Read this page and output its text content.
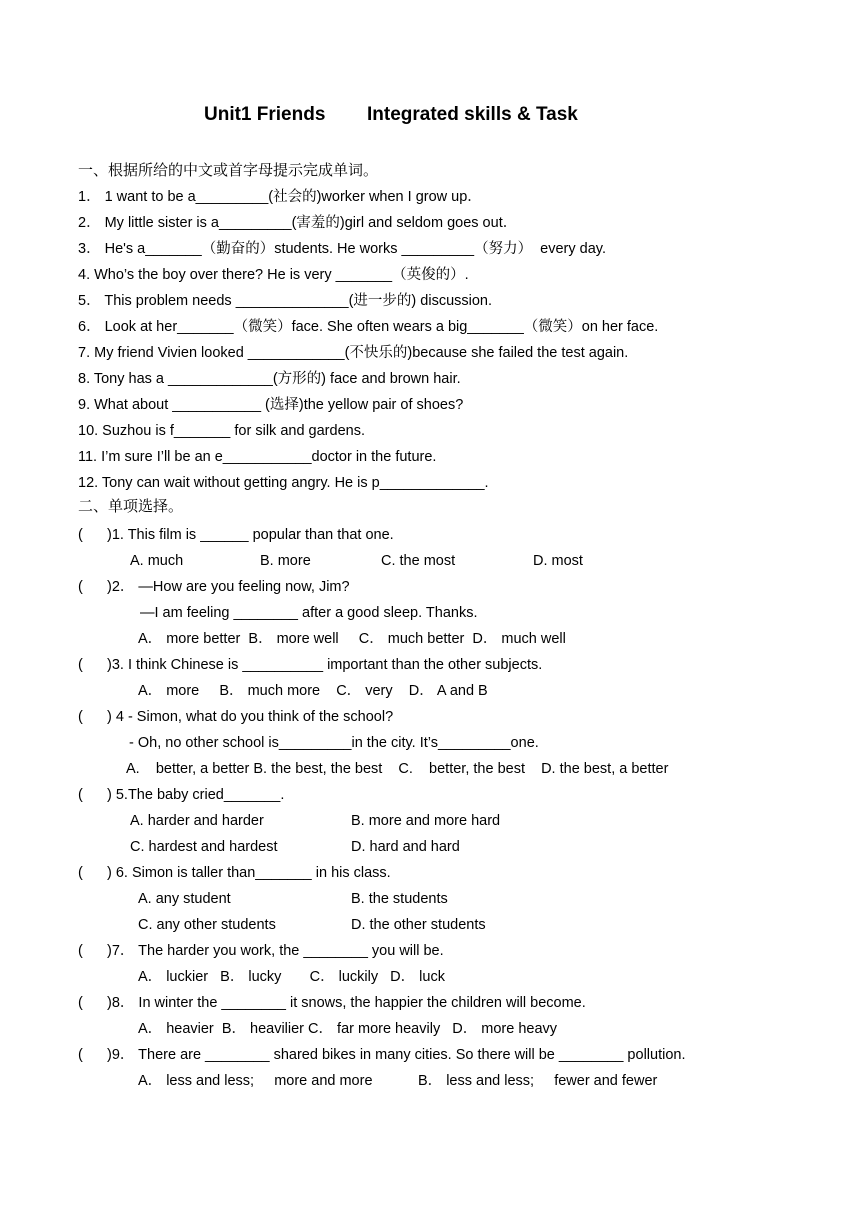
Unit1 Friends Integrated skills & Task
一、根据所给的中文或首字母提示完成单词。
1． 1 want to be a_________(社会的)worker when I grow up．
2． My little sister is a_________(害羞的)girl and seldom goes out．
3． He's a_______（勤奋的）students. He works _________（努力）  every day.
4. Who’s the boy over there? He is very _______（英俊的）.
5． This problem needs ______________(进一步的) discussion.
6． Look at her_______（微笑）face. She often wears a big_______（微笑）on her face.
7. My friend Vivien looked ____________(不快乐的)because she failed the test again.
8. Tony has a _____________(方形的) face and brown hair.
9. What about ___________ (选择)the yellow pair of shoes?
10. Suzhou is f_______ for silk and gardens.
11. I’m sure I’ll be an e___________doctor in the future.
12. Tony can wait without getting angry. He is p_____________.
二、单项选择。
(      )1. This film is ______ popular than that one.
A. much	B. more	C. the most	D. most
(      )2． —How are you feeling now, Jim?
—I am feeling ________ after a good sleep. Thanks.
A． more better  B． more well     C． much better  D． much well
(      )3. I think Chinese is __________ important than the other subjects.
A． more     B． much more    C． very    D． A and B
(      ) 4 - Simon, what do you think of the school?
- Oh, no other school is_________in the city. It’s_________one.
A.    better, a better B. the best, the best    C.    better, the best    D. the best, a better
(      ) 5.The baby cried_______.
A. harder and harder	B. more and more hard
C. hardest and hardest	D. hard and hard
(      ) 6. Simon is taller than_______ in his class.
A. any student	B. the students
C. any other students	D. the other students
(      )7． The harder you work, the ________ you will be.
A． luckier   B． lucky       C． luckily   D． luck
(      )8． In winter the ________ it snows, the happier the children will become.
A． heavier  B． heavilier C． far more heavily   D． more heavy
(      )9． There are ________ shared bikes in many cities. So there will be ________ pollution.
A． less and less;     more and more	B． less and less;     fewer and fewer
